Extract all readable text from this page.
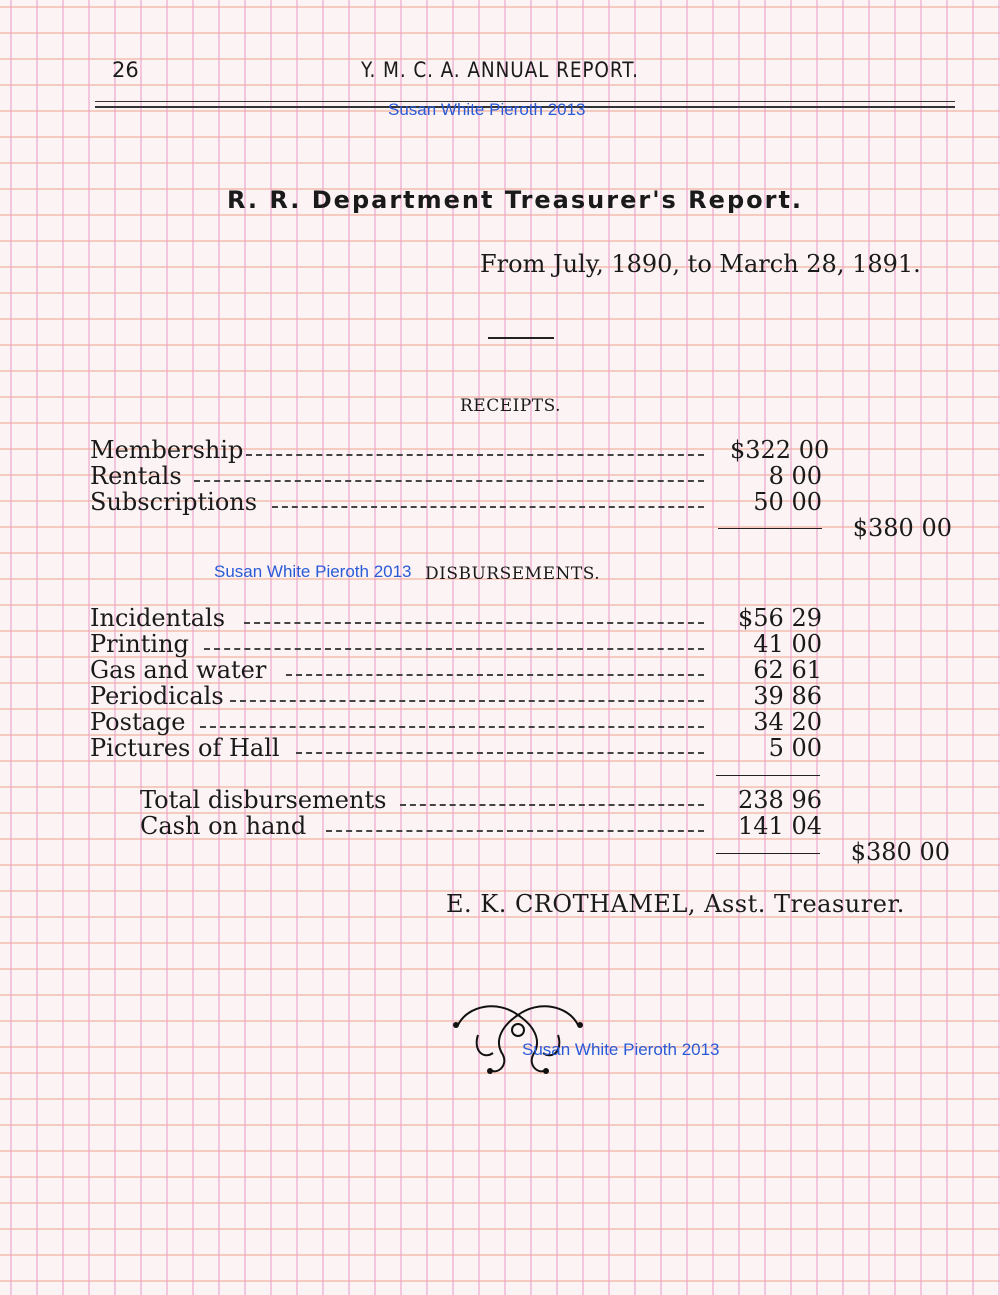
26	Y. M. C. A. ANNUAL REPORT.
Susan White Pieroth 2013
R. R. Department Treasurer's Report.
From July, 1890, to March 28, 1891.
RECEIPTS.
Membership	$322 00
Rentals	8 00
Subscriptions	50 00
$380 00
Susan White Pieroth 2013 DISBURSEMENTS.
Incidentals	$56 29
Printing	41 00
Gas and water	62 61
Periodicals	39 86
Postage	34 20
Pictures of Hall	5 00
Total disbursements	238 96
Cash on hand	141 04
$380 00
E. K. CROTHAMEL, Asst. Treasurer.
Susan White Pieroth 2013
